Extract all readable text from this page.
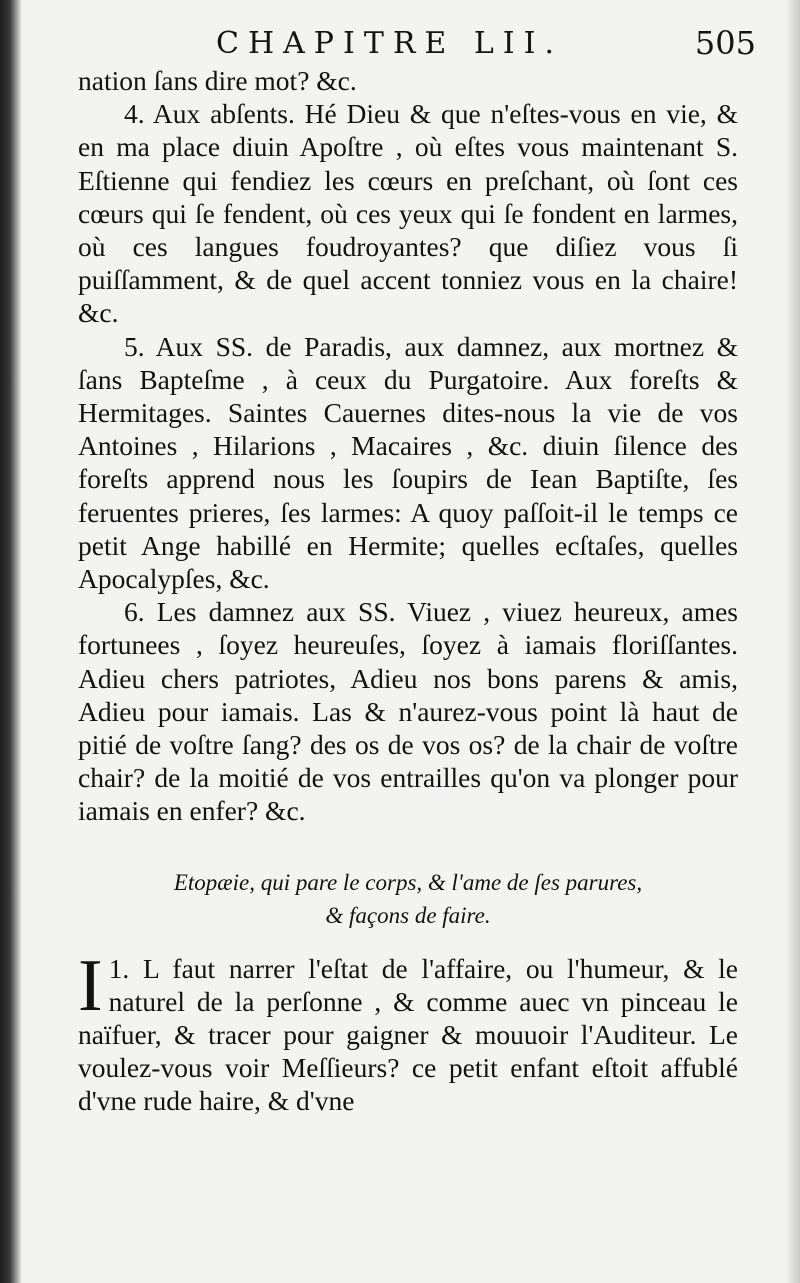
CHAPITRE LII.	505

nation ſans dire mot? &c.

4. Aux abſents. Hé Dieu & que n'eſtes-vous en vie, & en ma place diuin Apoſtre , où eſtes vous maintenant S. Eſtienne qui fendiez les cœurs en preſchant, où ſont ces cœurs qui ſe fendent, où ces yeux qui ſe fondent en larmes, où ces langues foudroyantes? que diſiez vous ſi puiſſamment, & de quel accent tonniez vous en la chaire! &c.

5. Aux SS. de Paradis, aux damnez, aux mortnez & ſans Bapteſme , à ceux du Purgatoire. Aux foreſts & Hermitages. Saintes Cauernes dites-nous la vie de vos Antoines , Hilarions , Macaires , &c. diuin ſilence des foreſts apprend nous les ſoupirs de Iean Baptiſte, ſes feruentes prieres, ſes larmes: A quoy paſſoit-il le temps ce petit Ange habillé en Hermite; quelles ecſtaſes, quelles Apocalypſes, &c.

6. Les damnez aux SS. Viuez , viuez heureux, ames fortunees , ſoyez heureuſes, ſoyez à iamais floriſſantes. Adieu chers patriotes, Adieu nos bons parens & amis, Adieu pour iamais. Las & n'aurez-vous point là haut de pitié de voſtre ſang? des os de vos os? de la chair de voſtre chair? de la moitié de vos entrailles qu'on va plonger pour iamais en enfer? &c.

Etopæie, qui pare le corps, & l'ame de ſes parures,
& façons de faire.

1.
I L faut narrer l'eſtat de l'affaire, ou l'humeur, & le naturel de la perſonne , & comme auec vn pinceau le naïfuer, & tracer pour gaigner & mouuoir l'Auditeur. Le voulez-vous voir Meſſieurs? ce petit enfant eſtoit affublé d'vne rude haire, & d'vne
